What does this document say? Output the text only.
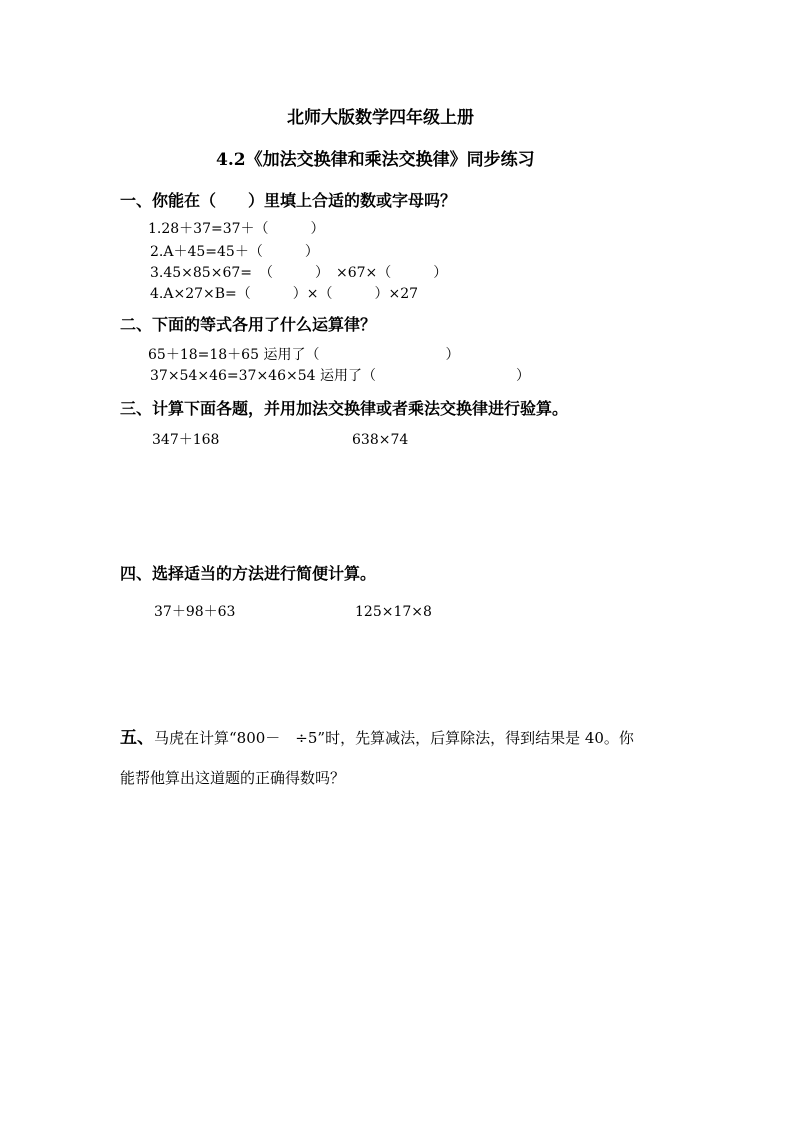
北师大版数学四年级上册
4.2《加法交换律和乘法交换律》同步练习
一、你能在（　　）里填上合适的数或字母吗？
1.28＋37=37＋（　　　）
2.A＋45=45＋（　　　）
3.45×85×67=　（　　　）　×67×（　　　）
4.A×27×B=（　　　）×（　　　）×27
二、下面的等式各用了什么运算律？
65＋18=18＋65 运用了（　　　　　　　　　）
37×54×46=37×46×54 运用了（　　　　　　　　　　）
三、计算下面各题，并用加法交换律或者乘法交换律进行验算。
347＋168	638×74
四、选择适当的方法进行简便计算。
37＋98＋63	125×17×8
五、马虎在计算“800－　÷5”时，先算减法，后算除法，得到结果是 40。你
能帮他算出这道题的正确得数吗？
